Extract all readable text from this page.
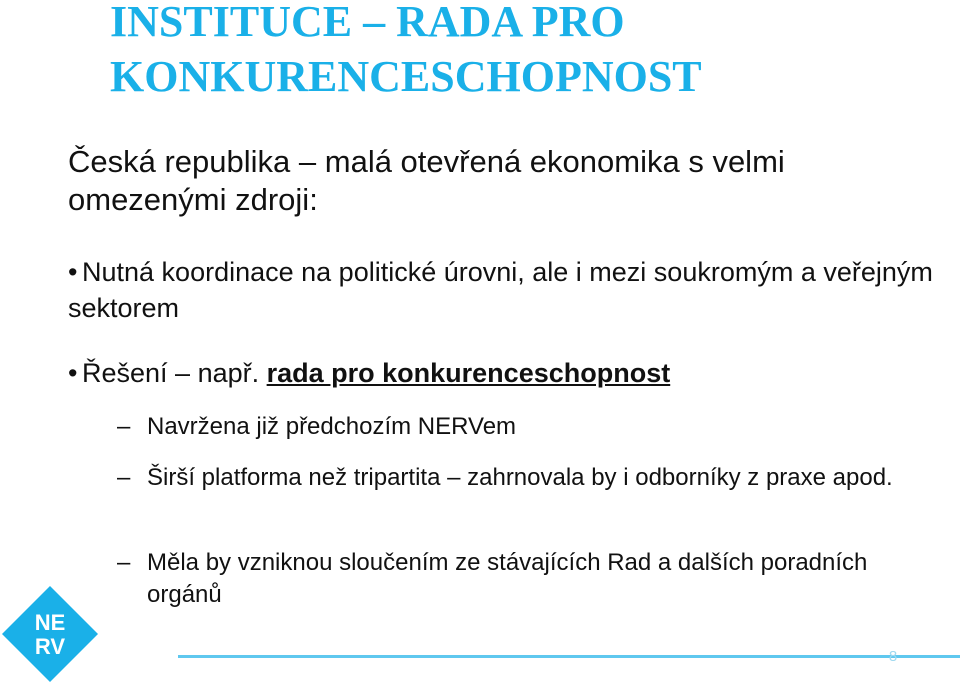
INSTITUCE – RADA PRO KONKURENCESCHOPNOST

Česká republika – malá otevřená ekonomika s velmi omezenými zdroji:

• Nutná koordinace na politické úrovni, ale i mezi soukromým a veřejným sektorem

• Řešení – např. rada pro konkurenceschopnost

– Navržena již předchozím NERVem
– Širší platforma než tripartita – zahrnovala by i odborníky z praxe apod.
– Měla by vzniknou sloučením ze stávajících Rad a dalších poradních orgánů
NE
RV	8
